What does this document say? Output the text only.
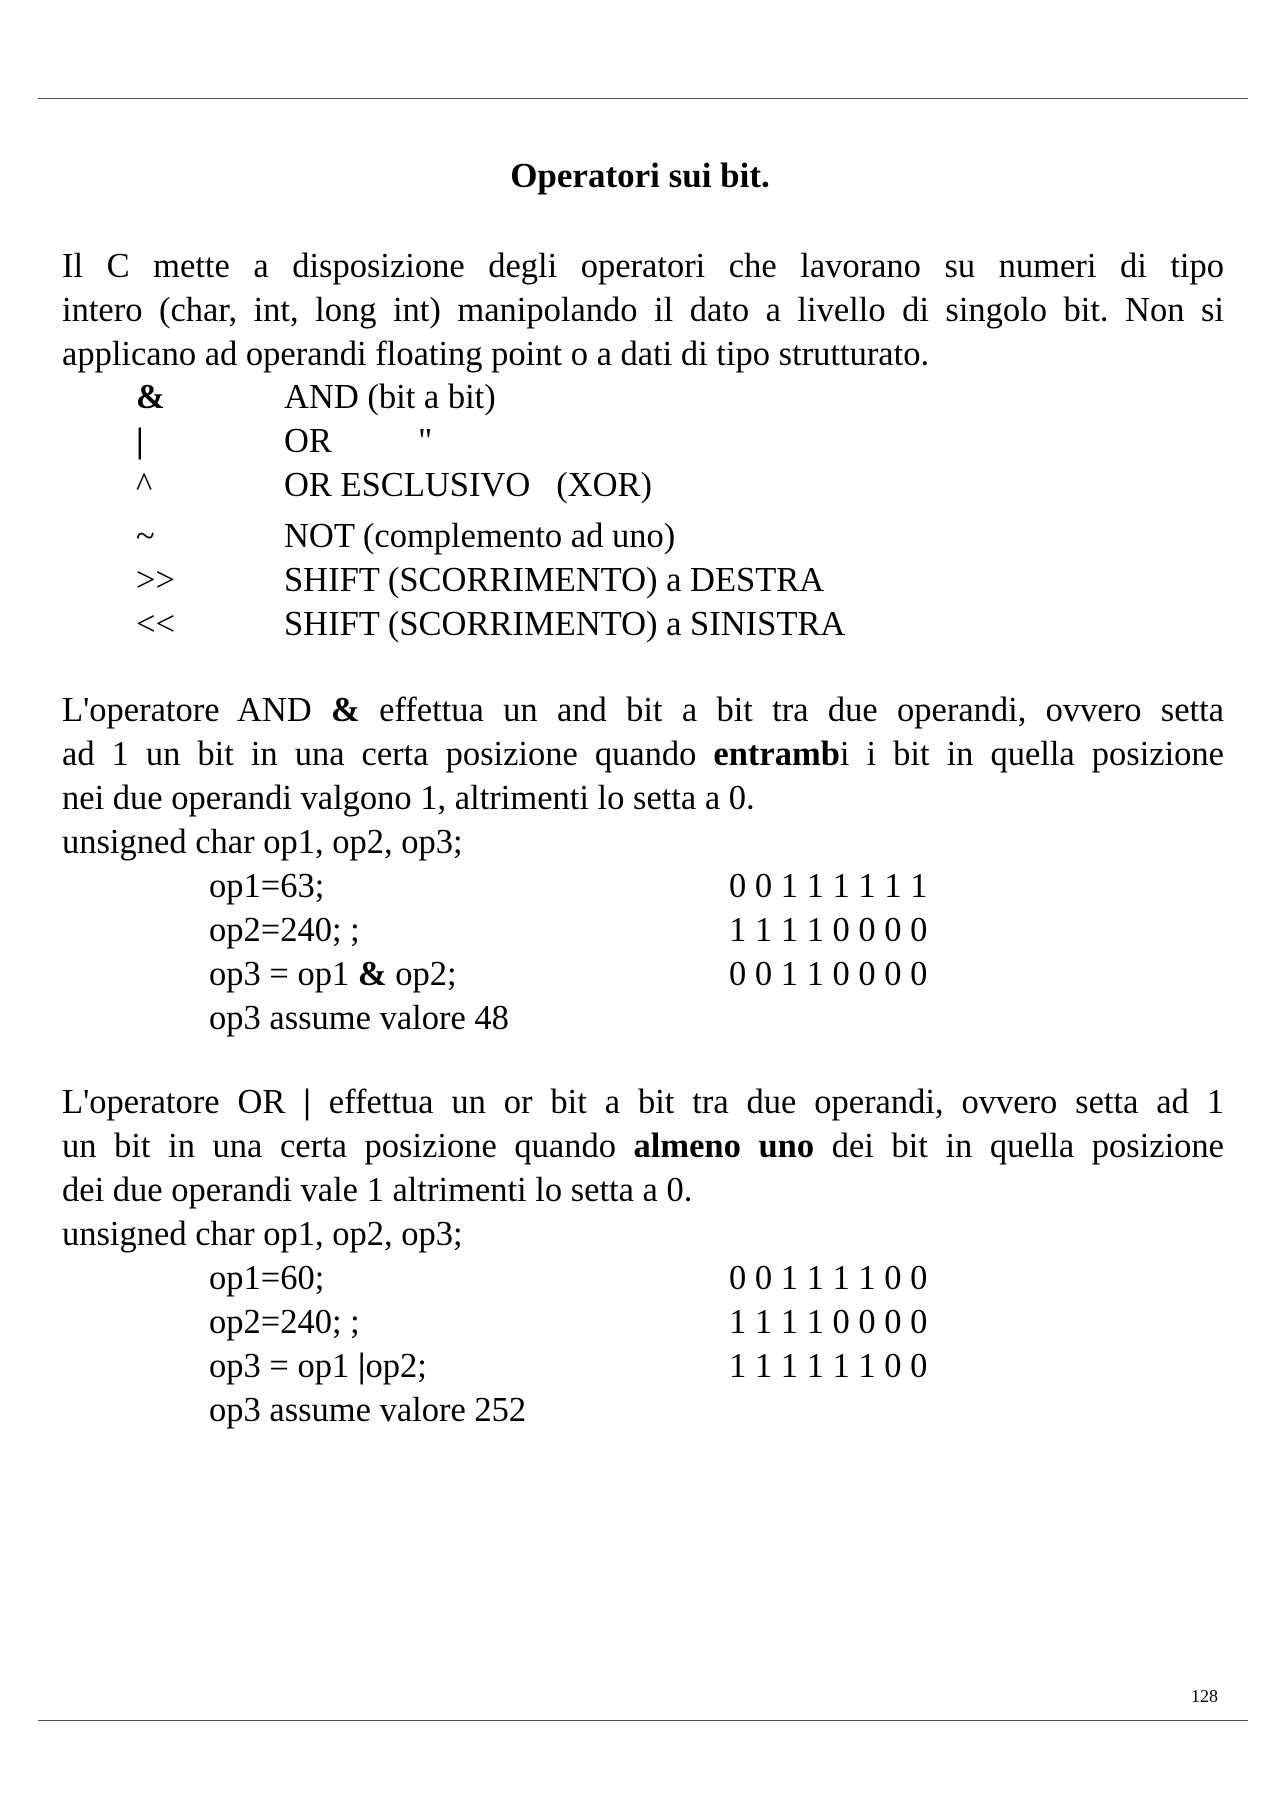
Operatori sui bit.
Il C mette a disposizione degli operatori che lavorano su numeri di tipo
intero (char, int, long int) manipolando il dato a livello di singolo bit. Non si
applicano ad operandi floating point o a dati di tipo strutturato.
&	AND (bit a bit)
|	OR          "
^	OR ESCLUSIVO   (XOR)
~	NOT (complemento ad uno)
>>	SHIFT (SCORRIMENTO) a DESTRA
<<	SHIFT (SCORRIMENTO) a SINISTRA
L'operatore AND & effettua un and bit a bit tra due operandi, ovvero setta
ad 1 un bit in una certa posizione quando entrambi i bit in quella posizione
nei due operandi valgono 1, altrimenti lo setta a 0.
unsigned char op1, op2, op3;
op1=63;	0 0 1 1 1 1 1 1
op2=240; ;	1 1 1 1 0 0 0 0
op3 = op1 & op2;	0 0 1 1 0 0 0 0
op3 assume valore 48
L'operatore OR | effettua un or bit a bit tra due operandi, ovvero setta ad 1
un bit in una certa posizione quando almeno uno dei bit in quella posizione
dei due operandi vale 1 altrimenti lo setta a 0.
unsigned char op1, op2, op3;
op1=60;	0 0 1 1 1 1 0 0
op2=240; ;	1 1 1 1 0 0 0 0
op3 = op1 |op2;	1 1 1 1 1 1 0 0
op3 assume valore 252
128
